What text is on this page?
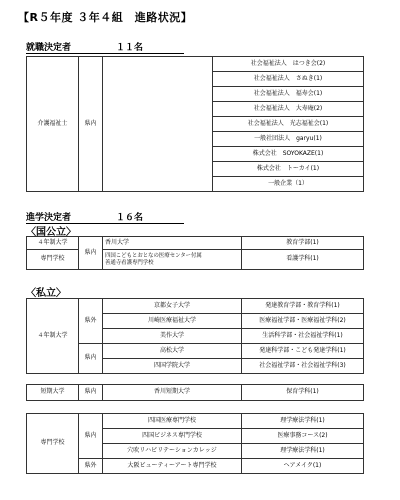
【R５年度 ３年４組　進路状況】
就職決定者	１１名
介護福祉士	県内		社会福祉法人　はつき会(2)
社会福祉法人　さぬき(1)
社会福祉法人　福寿会(1)
社会福祉法人　大寿庵(2)
社会福祉法人　光志福祉会(1)
一般社団法人　garyu(1)
株式会社　SOYOKAZE(1)
株式会社　トーカイ(1)
一般企業（1）
進学決定者	１６名
〈国公立〉
４年制大学	県内	香川大学	教育学部(1)
専門学校		四国こどもとおとなの医療センター付属
善通寺看護専門学校	看護学科(1)
〈私立〉
４年制大学	県外	京都女子大学	発達教育学部・教育学科(1)
		川崎医療福祉大学	医療福祉学部・医療福祉学科(2)
		美作大学	生活科学部・社会福祉学科(1)
	県内	高松大学	発達科学部・こども発達学科(1)
		四国学院大学	社会福祉学部・社会福祉学科(3)
短期大学	県内	香川短期大学	保育学科(1)
専門学校	県内	四国医療専門学校	理学療法学科(1)
		四国ビジネス専門学校	医療事務コース(2)
		穴吹リハビリテーションカレッジ	理学療法学科(1)
	県外	大阪ビューティーアート専門学校	ヘアメイク(1)
